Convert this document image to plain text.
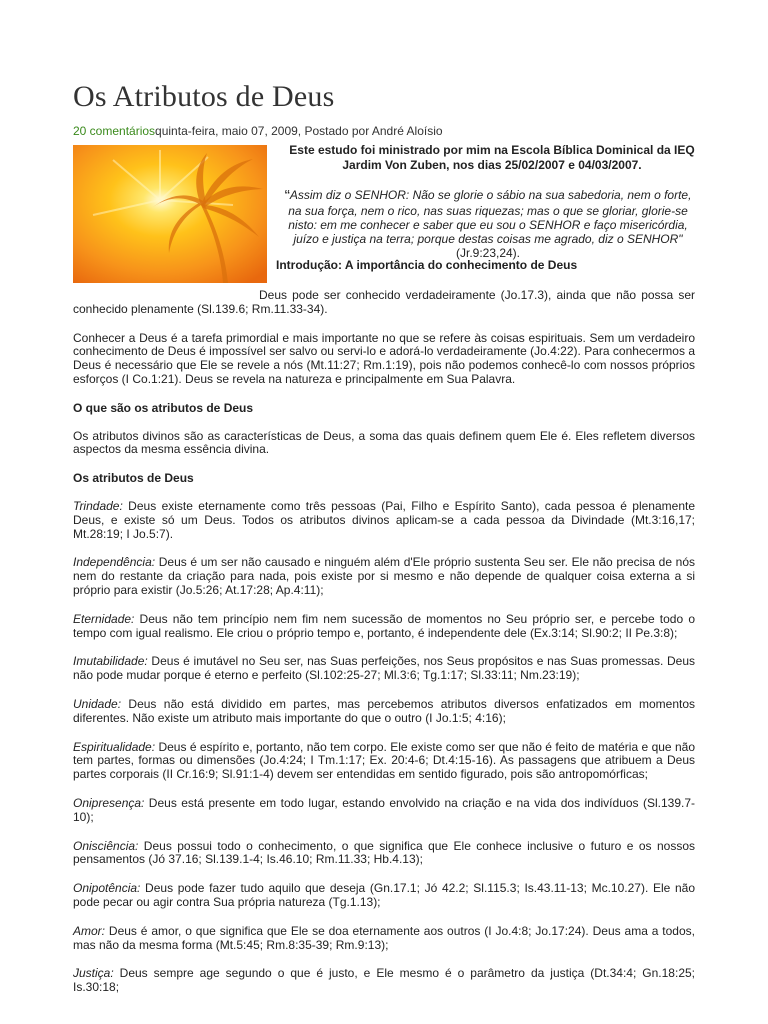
Os Atributos de Deus
20 comentáriosquinta-feira, maio 07, 2009, Postado por André Aloísio
Este estudo foi ministrado por mim na Escola Bíblica Dominical da IEQ Jardim Von Zuben, nos dias 25/02/2007 e 04/03/2007.
“Assim diz o SENHOR: Não se glorie o sábio na sua sabedoria, nem o forte, na sua força, nem o rico, nas suas riquezas; mas o que se gloriar, glorie-se nisto: em me conhecer e saber que eu sou o SENHOR e faço misericórdia, juízo e justiça na terra; porque destas coisas me agrado, diz o SENHOR" (Jr.9:23,24).
Introdução: A importância do conhecimento de Deus

Deus pode ser conhecido verdadeiramente (Jo.17.3), ainda que não possa ser conhecido plenamente (Sl.139.6; Rm.11.33-34).

Conhecer a Deus é a tarefa primordial e mais importante no que se refere às coisas espirituais. Sem um verdadeiro conhecimento de Deus é impossível ser salvo ou servi-lo e adorá-lo verdadeiramente (Jo.4:22). Para conhecermos a Deus é necessário que Ele se revele a nós (Mt.11:27; Rm.1:19), pois não podemos conhecê-lo com nossos próprios esforços (I Co.1:21). Deus se revela na natureza e principalmente em Sua Palavra.

O que são os atributos de Deus

Os atributos divinos são as características de Deus, a soma das quais definem quem Ele é. Eles refletem diversos aspectos da mesma essência divina.

Os atributos de Deus

Trindade: Deus existe eternamente como três pessoas (Pai, Filho e Espírito Santo), cada pessoa é plenamente Deus, e existe só um Deus. Todos os atributos divinos aplicam-se a cada pessoa da Divindade (Mt.3:16,17; Mt.28:19; I Jo.5:7).

Independência: Deus é um ser não causado e ninguém além d'Ele próprio sustenta Seu ser. Ele não precisa de nós nem do restante da criação para nada, pois existe por si mesmo e não depende de qualquer coisa externa a si próprio para existir (Jo.5:26; At.17:28; Ap.4:11);

Eternidade: Deus não tem princípio nem fim nem sucessão de momentos no Seu próprio ser, e percebe todo o tempo com igual realismo. Ele criou o próprio tempo e, portanto, é independente dele (Ex.3:14; Sl.90:2; II Pe.3:8);

Imutabilidade: Deus é imutável no Seu ser, nas Suas perfeições, nos Seus propósitos e nas Suas promessas. Deus não pode mudar porque é eterno e perfeito (Sl.102:25-27; Ml.3:6; Tg.1:17; Sl.33:11; Nm.23:19);

Unidade: Deus não está dividido em partes, mas percebemos atributos diversos enfatizados em momentos diferentes. Não existe um atributo mais importante do que o outro (I Jo.1:5; 4:16);

Espiritualidade: Deus é espírito e, portanto, não tem corpo. Ele existe como ser que não é feito de matéria e que não tem partes, formas ou dimensões (Jo.4:24; I Tm.1:17; Ex. 20:4-6; Dt.4:15-16). As passagens que atribuem a Deus partes corporais (II Cr.16:9; Sl.91:1-4) devem ser entendidas em sentido figurado, pois são antropomórficas;

Onipresença: Deus está presente em todo lugar, estando envolvido na criação e na vida dos indivíduos (Sl.139.7-10);

Onisciência: Deus possui todo o conhecimento, o que significa que Ele conhece inclusive o futuro e os nossos pensamentos (Jó 37.16; Sl.139.1-4; Is.46.10; Rm.11.33; Hb.4.13);

Onipotência: Deus pode fazer tudo aquilo que deseja (Gn.17.1; Jó 42.2; Sl.115.3; Is.43.11-13; Mc.10.27). Ele não pode pecar ou agir contra Sua própria natureza (Tg.1.13);

Amor: Deus é amor, o que significa que Ele se doa eternamente aos outros (I Jo.4:8; Jo.17:24). Deus ama a todos, mas não da mesma forma (Mt.5:45; Rm.8:35-39; Rm.9:13);

Justiça: Deus sempre age segundo o que é justo, e Ele mesmo é o parâmetro da justiça (Dt.34:4; Gn.18:25; Is.30:18;
